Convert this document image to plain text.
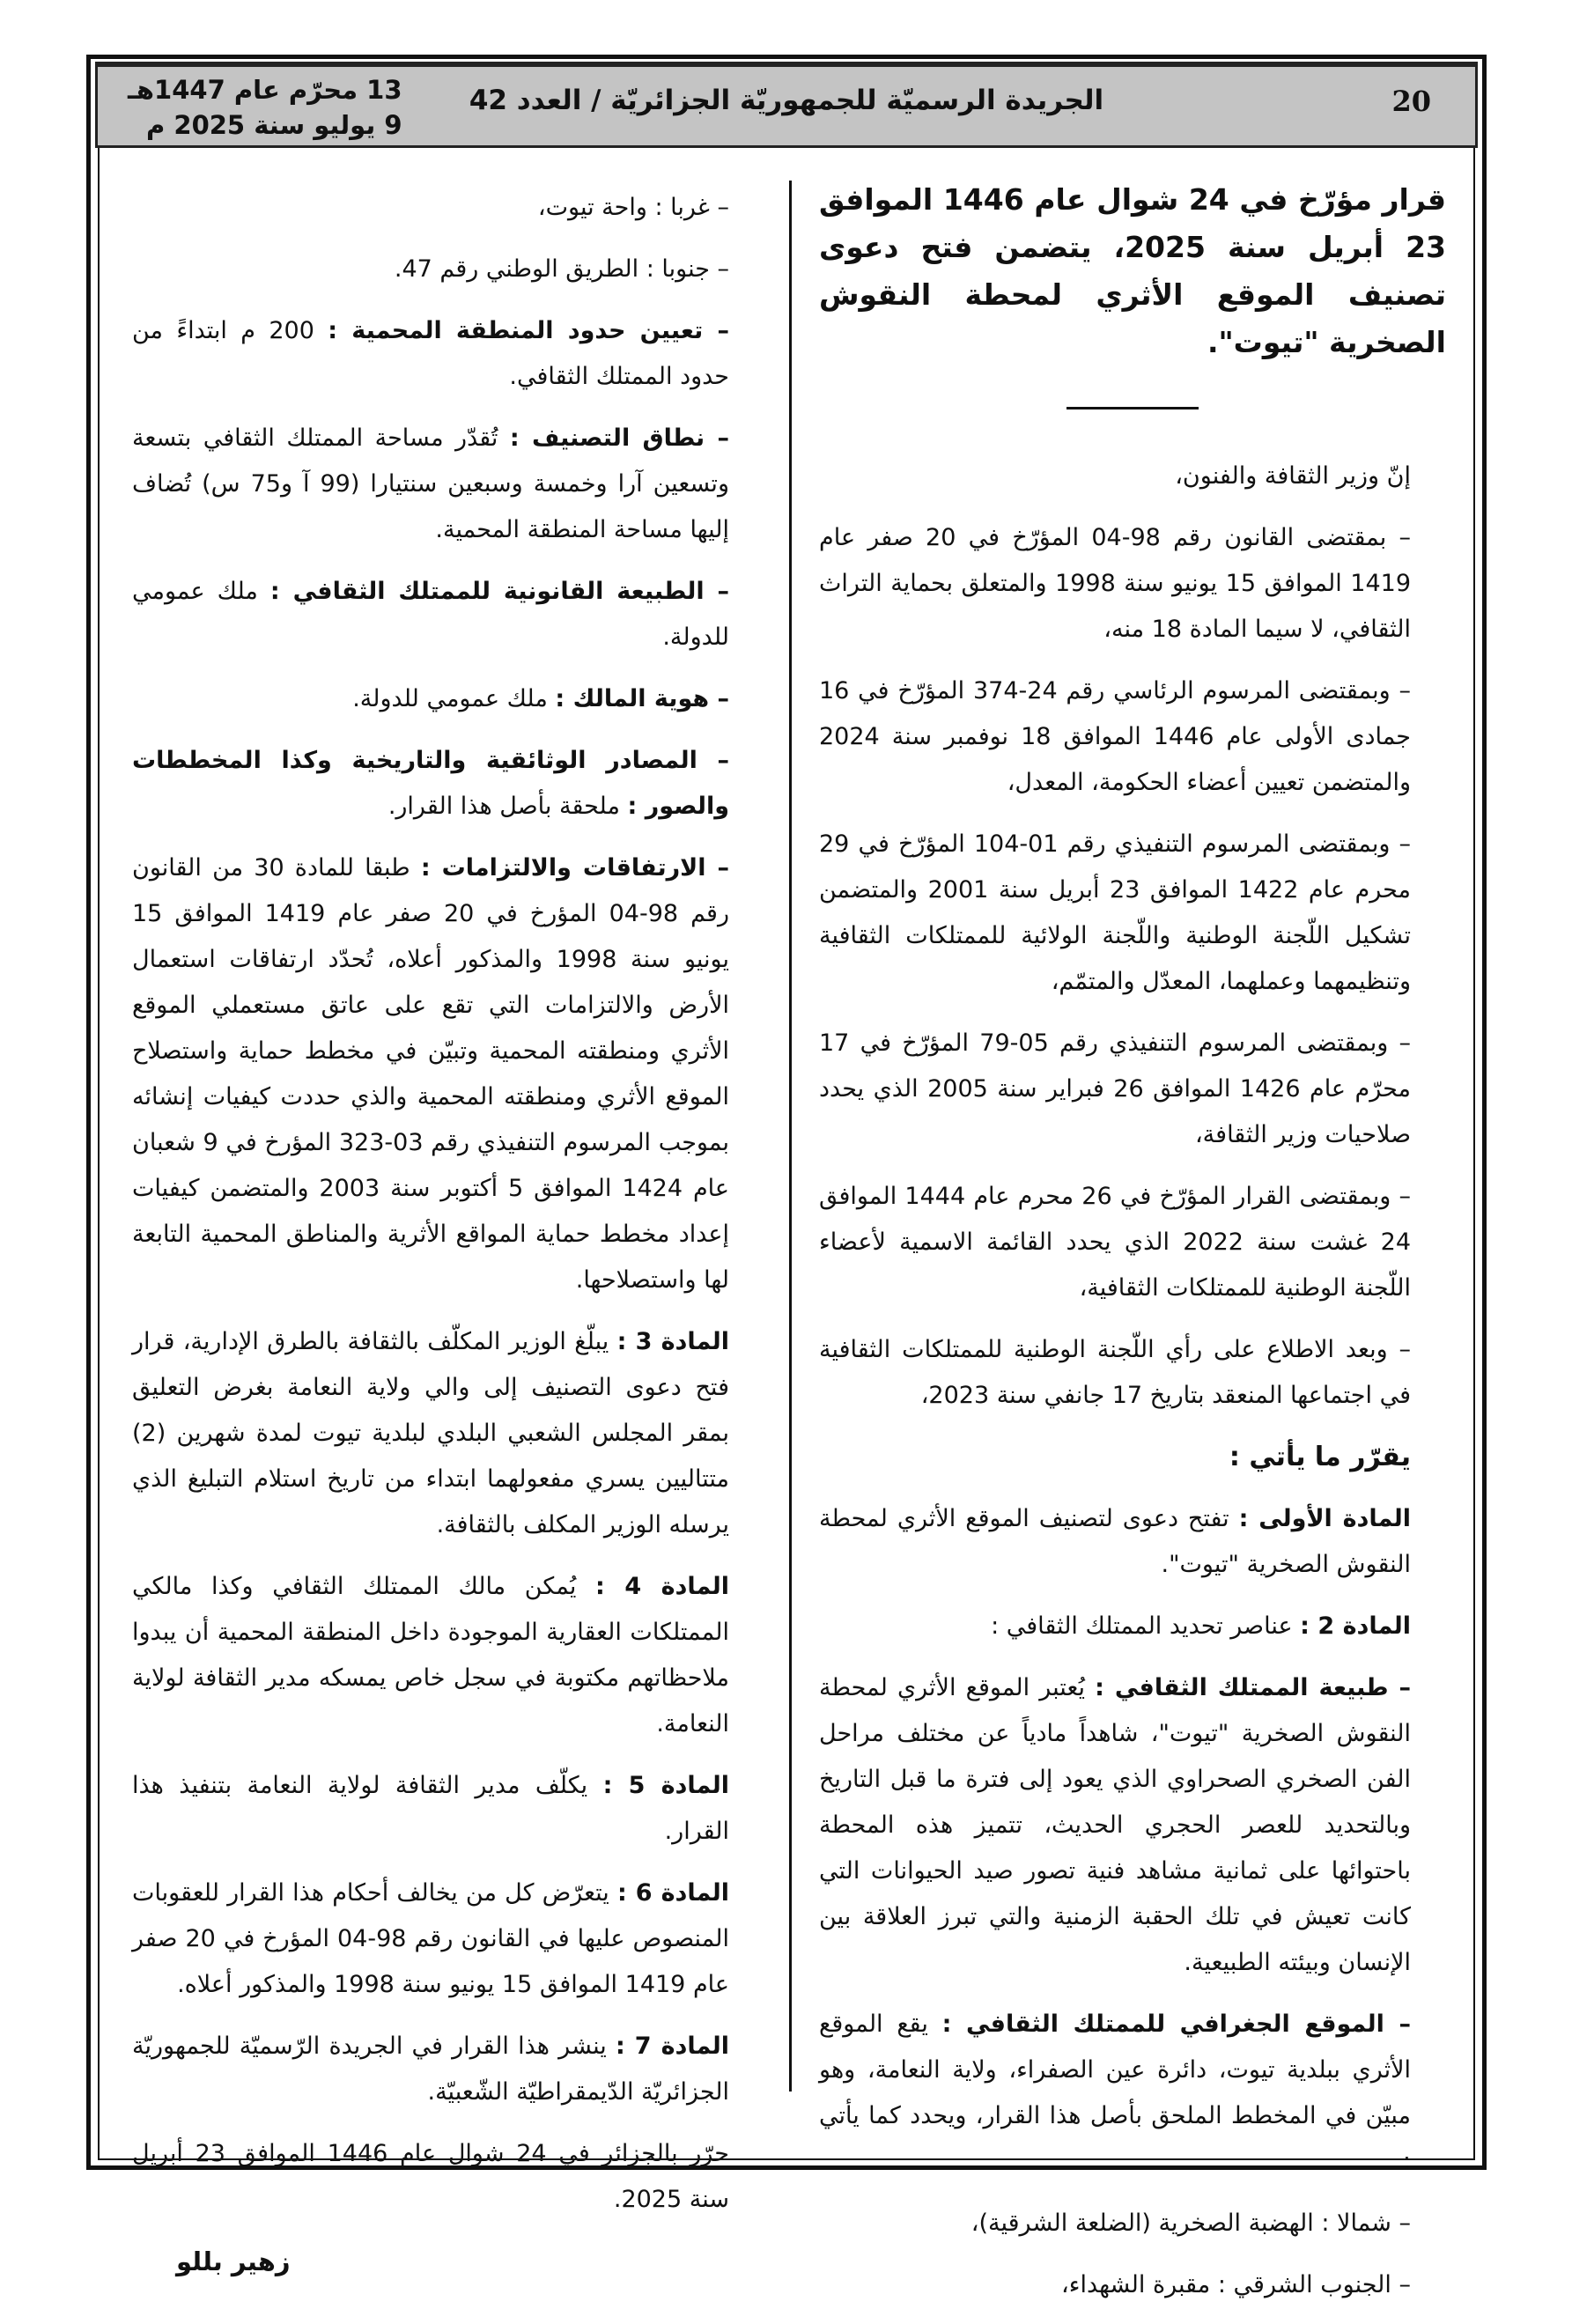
20
الجريدة الرسميّة للجمهوريّة الجزائريّة / العدد 42
13 محرّم عام 1447هـ
9 يوليو سنة 2025 م

قرار مؤرّخ في 24 شوال عام 1446 الموافق 23 أبريل سنة 2025، يتضمن فتح دعوى تصنيف الموقع الأثري لمحطة النقوش الصخرية "تيوت".

إنّ وزير الثقافة والفنون،

– بمقتضى القانون رقم 98-04 المؤرّخ في 20 صفر عام 1419 الموافق 15 يونيو سنة 1998 والمتعلق بحماية التراث الثقافي، لا سيما المادة 18 منه،

– وبمقتضى المرسوم الرئاسي رقم 24-374 المؤرّخ في 16 جمادى الأولى عام 1446 الموافق 18 نوفمبر سنة 2024 والمتضمن تعيين أعضاء الحكومة، المعدل،

– وبمقتضى المرسوم التنفيذي رقم 01-104 المؤرّخ في 29 محرم عام 1422 الموافق 23 أبريل سنة 2001 والمتضمن تشكيل اللّجنة الوطنية واللّجنة الولائية للممتلكات الثقافية وتنظيمهما وعملهما، المعدّل والمتمّم،

– وبمقتضى المرسوم التنفيذي رقم 05-79 المؤرّخ في 17 محرّم عام 1426 الموافق 26 فبراير سنة 2005 الذي يحدد صلاحيات وزير الثقافة،

– وبمقتضى القرار المؤرّخ في 26 محرم عام 1444 الموافق 24 غشت سنة 2022 الذي يحدد القائمة الاسمية لأعضاء اللّجنة الوطنية للممتلكات الثقافية،

– وبعد الاطلاع على رأي اللّجنة الوطنية للممتلكات الثقافية في اجتماعها المنعقد بتاريخ 17 جانفي سنة 2023،

يقرّر ما يأتي :

المادة الأولى : تفتح دعوى لتصنيف الموقع الأثري لمحطة النقوش الصخرية "تيوت".

المادة 2 : عناصر تحديد الممتلك الثقافي :

– طبيعة الممتلك الثقافي : يُعتبر الموقع الأثري لمحطة النقوش الصخرية "تيوت"، شاهداً مادياً عن مختلف مراحل الفن الصخري الصحراوي الذي يعود إلى فترة ما قبل التاريخ وبالتحديد للعصر الحجري الحديث، تتميز هذه المحطة باحتوائها على ثمانية مشاهد فنية تصور صيد الحيوانات التي كانت تعيش في تلك الحقبة الزمنية والتي تبرز العلاقة بين الإنسان وبيئته الطبيعية.

– الموقع الجغرافي للممتلك الثقافي : يقع الموقع الأثري ببلدية تيوت، دائرة عين الصفراء، ولاية النعامة، وهو مبيّن في المخطط الملحق بأصل هذا القرار، ويحدد كما يأتي :

– شمالا : الهضبة الصخرية (الضلعة الشرقية)،

– الجنوب الشرقي : مقبرة الشهداء،

– غربا : واحة تيوت،

– جنوبا : الطريق الوطني رقم 47.

– تعيين حدود المنطقة المحمية : 200 م ابتداءً من حدود الممتلك الثقافي.

– نطاق التصنيف : تُقدّر مساحة الممتلك الثقافي بتسعة وتسعين آرا وخمسة وسبعين سنتيارا (99 آ و75 س) تُضاف إليها مساحة المنطقة المحمية.

– الطبيعة القانونية للممتلك الثقافي : ملك عمومي للدولة.

– هوية المالك : ملك عمومي للدولة.

– المصادر الوثائقية والتاريخية وكذا المخططات والصور : ملحقة بأصل هذا القرار.

– الارتفاقات والالتزامات : طبقا للمادة 30 من القانون رقم 98-04 المؤرخ في 20 صفر عام 1419 الموافق 15 يونيو سنة 1998 والمذكور أعلاه، تُحدّد ارتفاقات استعمال الأرض والالتزامات التي تقع على عاتق مستعملي الموقع الأثري ومنطقته المحمية وتبيّن في مخطط حماية واستصلاح الموقع الأثري ومنطقته المحمية والذي حددت كيفيات إنشائه بموجب المرسوم التنفيذي رقم 03-323 المؤرخ في 9 شعبان عام 1424 الموافق 5 أكتوبر سنة 2003 والمتضمن كيفيات إعداد مخطط حماية المواقع الأثرية والمناطق المحمية التابعة لها واستصلاحها.

المادة 3 : يبلّغ الوزير المكلّف بالثقافة بالطرق الإدارية، قرار فتح دعوى التصنيف إلى والي ولاية النعامة بغرض التعليق بمقر المجلس الشعبي البلدي لبلدية تيوت لمدة شهرين (2) متتاليين يسري مفعولهما ابتداء من تاريخ استلام التبليغ الذي يرسله الوزير المكلف بالثقافة.

المادة 4 : يُمكن مالك الممتلك الثقافي وكذا مالكي الممتلكات العقارية الموجودة داخل المنطقة المحمية أن يبدوا ملاحظاتهم مكتوبة في سجل خاص يمسكه مدير الثقافة لولاية النعامة.

المادة 5 : يكلّف مدير الثقافة لولاية النعامة بتنفيذ هذا القرار.

المادة 6 : يتعرّض كل من يخالف أحكام هذا القرار للعقوبات المنصوص عليها في القانون رقم 98-04 المؤرخ في 20 صفر عام 1419 الموافق 15 يونيو سنة 1998 والمذكور أعلاه.

المادة 7 : ينشر هذا القرار في الجريدة الرّسميّة للجمهوريّة الجزائريّة الدّيمقراطيّة الشّعبيّة.

حرّر بالجزائر في 24 شوال عام 1446 الموافق 23 أبريل سنة 2025.

زهير بللو
